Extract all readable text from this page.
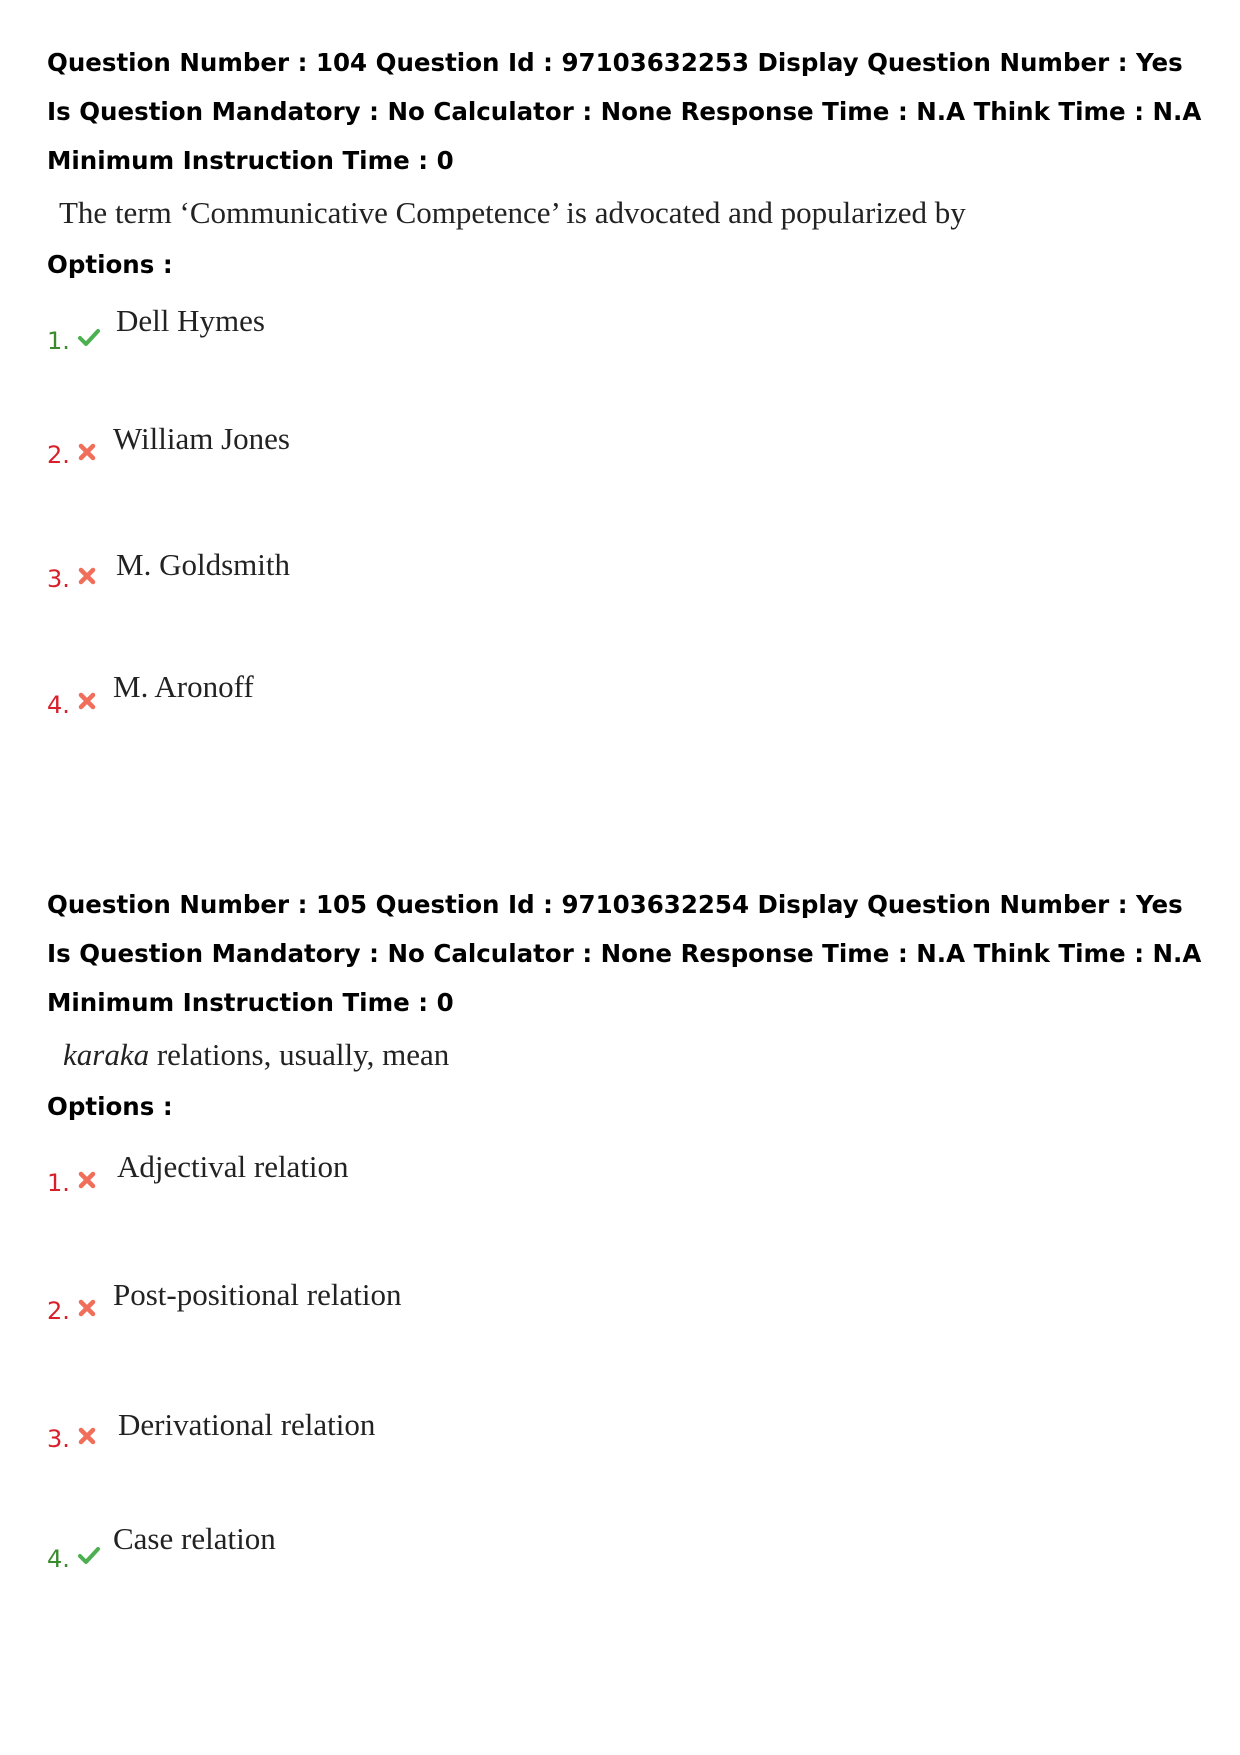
Question Number : 104 Question Id : 97103632253 Display Question Number : Yes Is Question Mandatory : No Calculator : None Response Time : N.A Think Time : N.A Minimum Instruction Time : 0

The term ‘Communicative Competence’ is advocated and popularized by
Options :
1.
Dell Hymes
2. William Jones
3. M. Goldsmith
4.
M. Aronoff

Question Number : 105 Question Id : 97103632254 Display Question Number : Yes Is Question Mandatory : No Calculator : None Response Time : N.A Think Time : N.A Minimum Instruction Time : 0

karaka relations, usually, mean
Options :
1. Adjectival relation
2. Post-positional relation
3. Derivational relation
4.
Case relation
